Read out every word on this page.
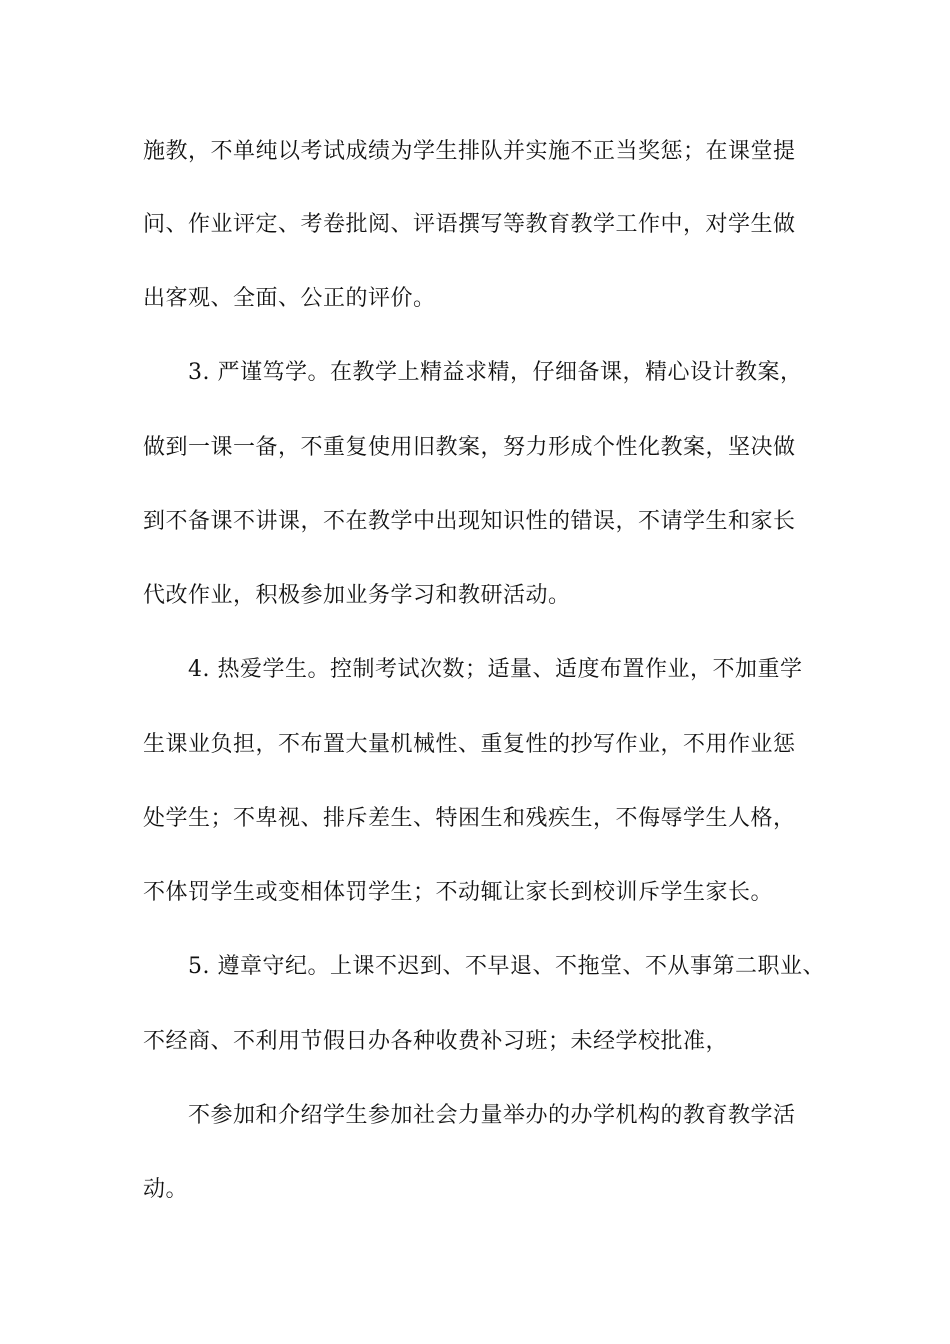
施教，不单纯以考试成绩为学生排队并实施不正当奖惩；在课堂提
问、作业评定、考卷批阅、评语撰写等教育教学工作中，对学生做
出客观、全面、公正的评价。
3. 严谨笃学。在教学上精益求精，仔细备课，精心设计教案，
做到一课一备，不重复使用旧教案，努力形成个性化教案，坚决做
到不备课不讲课，不在教学中出现知识性的错误，不请学生和家长
代改作业，积极参加业务学习和教研活动。
4. 热爱学生。控制考试次数；适量、适度布置作业，不加重学
生课业负担，不布置大量机械性、重复性的抄写作业，不用作业惩
处学生；不卑视、排斥差生、特困生和残疾生，不侮辱学生人格，
不体罚学生或变相体罚学生；不动辄让家长到校训斥学生家长。
5. 遵章守纪。上课不迟到、不早退、不拖堂、不从事第二职业、
不经商、不利用节假日办各种收费补习班；未经学校批准，
不参加和介绍学生参加社会力量举办的办学机构的教育教学活
动。
